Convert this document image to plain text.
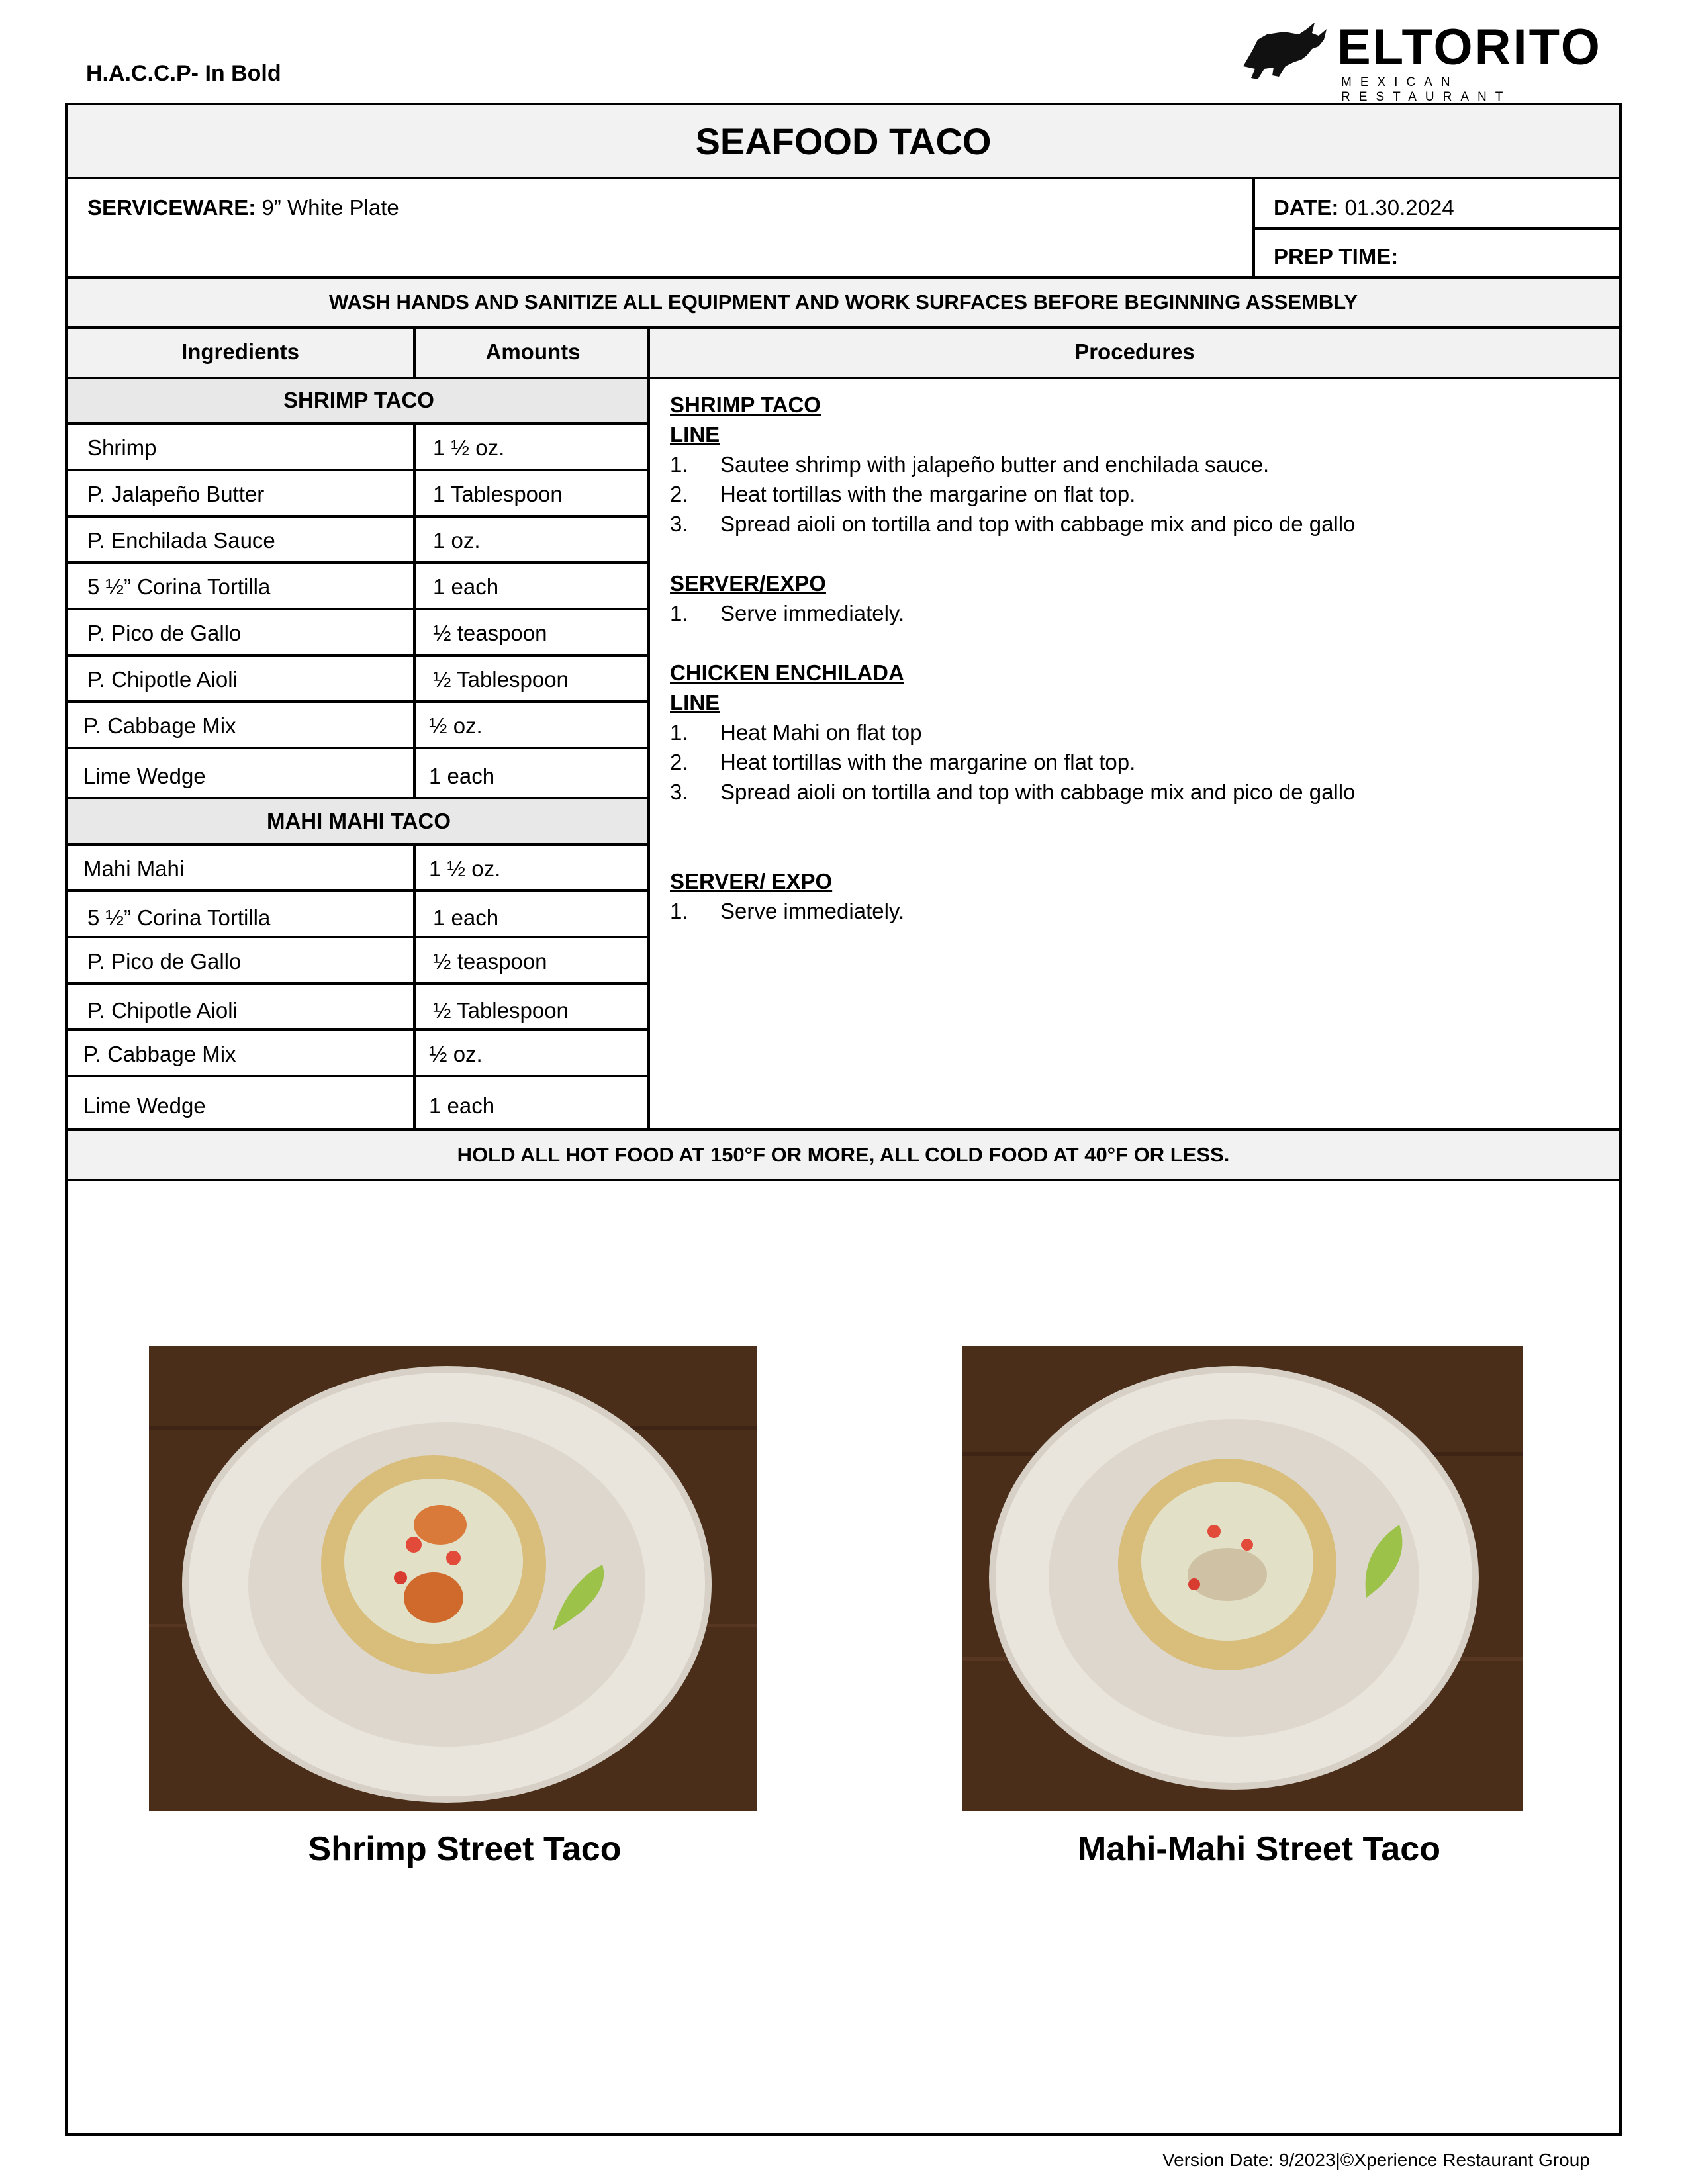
H.A.C.C.P- In Bold	ELTORITO
MEXICAN RESTAURANT
SEAFOOD TACO
SERVICEWARE: 9” White Plate	DATE: 01.30.2024
PREP TIME:
WASH HANDS AND SANITIZE ALL EQUIPMENT AND WORK SURFACES BEFORE BEGINNING ASSEMBLY
Ingredients	Amounts	Procedures
SHRIMP TACO
Shrimp	1 ½ oz.
P. Jalapeño Butter	1 Tablespoon
P. Enchilada Sauce	1 oz.
5 ½” Corina Tortilla	1 each
P. Pico de Gallo	½ teaspoon
P. Chipotle Aioli	½ Tablespoon
P. Cabbage Mix	½ oz.
Lime Wedge	1 each
MAHI MAHI TACO
Mahi Mahi	1 ½ oz.
5 ½” Corina Tortilla	1 each
P. Pico de Gallo	½ teaspoon
P. Chipotle Aioli	½ Tablespoon
P. Cabbage Mix	½ oz.
Lime Wedge	1 each
SHRIMP TACO
LINE
1. Sautee shrimp with jalapeño butter and enchilada sauce.
2. Heat tortillas with the margarine on flat top.
3. Spread aioli on tortilla and top with cabbage mix and pico de gallo
SERVER/EXPO
1. Serve immediately.
CHICKEN ENCHILADA
LINE
1. Heat Mahi on flat top
2. Heat tortillas with the margarine on flat top.
3. Spread aioli on tortilla and top with cabbage mix and pico de gallo
SERVER/ EXPO
1. Serve immediately.
HOLD ALL HOT FOOD AT 150°F OR MORE, ALL COLD FOOD AT 40°F OR LESS.
Shrimp Street Taco	Mahi-Mahi Street Taco
Version Date: 9/2023|©Xperience Restaurant Group
